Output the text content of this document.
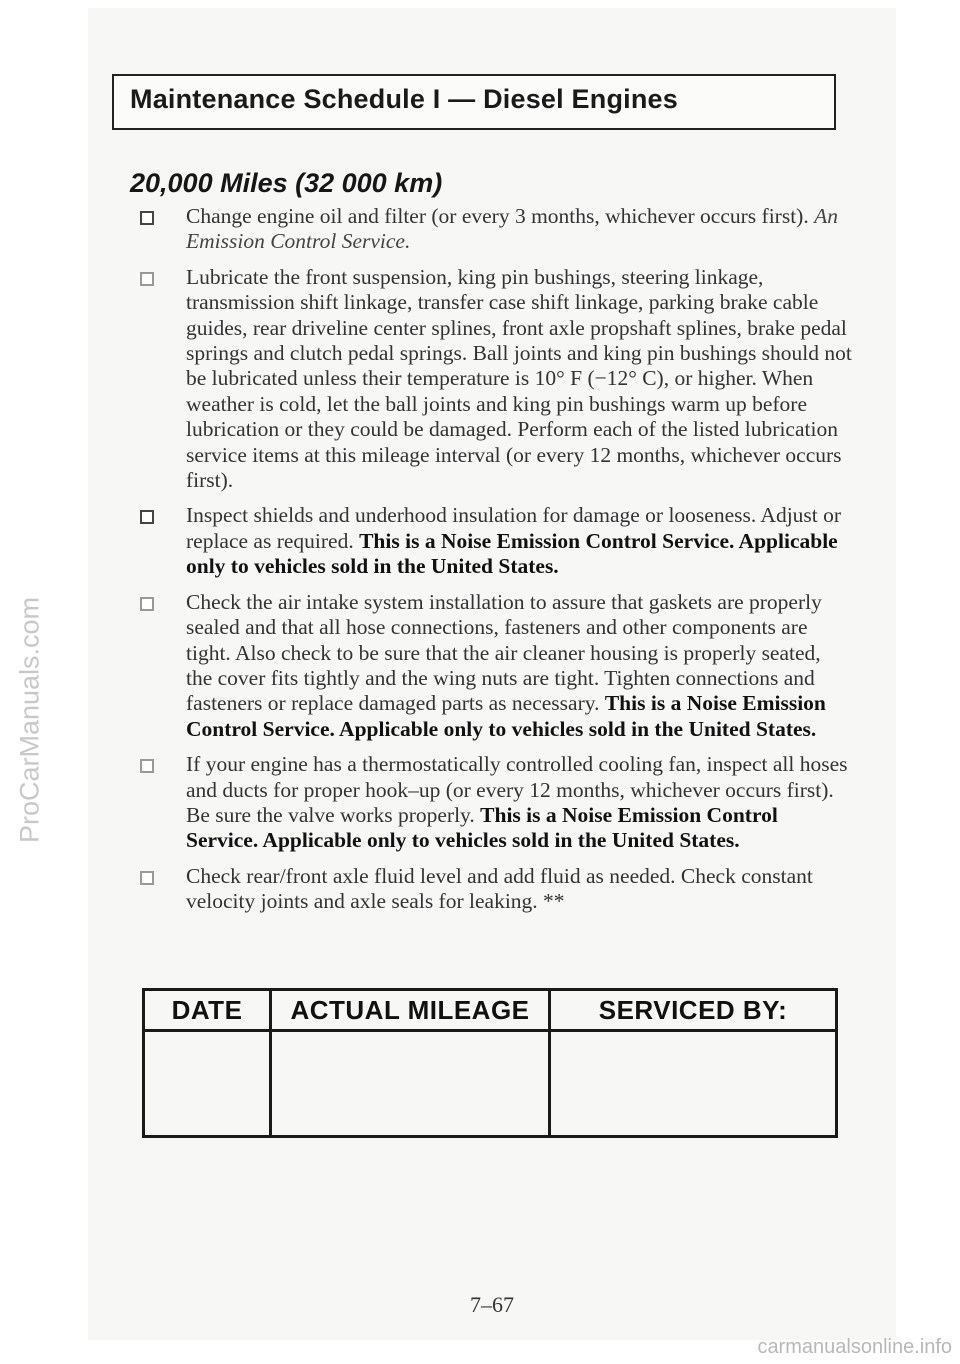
Maintenance Schedule I — Diesel Engines
20,000 Miles (32 000 km)

Change engine oil and filter (or every 3 months, whichever occurs first). An Emission Control Service.

Lubricate the front suspension, king pin bushings, steering linkage, transmission shift linkage, transfer case shift linkage, parking brake cable guides, rear driveline center splines, front axle propshaft splines, brake pedal springs and clutch pedal springs. Ball joints and king pin bushings should not be lubricated unless their temperature is 10° F (−12° C), or higher. When weather is cold, let the ball joints and king pin bushings warm up before lubrication or they could be damaged. Perform each of the listed lubrication service items at this mileage interval (or every 12 months, whichever occurs first).

Inspect shields and underhood insulation for damage or looseness. Adjust or replace as required. This is a Noise Emission Control Service. Applicable only to vehicles sold in the United States.

Check the air intake system installation to assure that gaskets are properly sealed and that all hose connections, fasteners and other components are tight. Also check to be sure that the air cleaner housing is properly seated, the cover fits tightly and the wing nuts are tight. Tighten connections and fasteners or replace damaged parts as necessary. This is a Noise Emission Control Service. Applicable only to vehicles sold in the United States.

If your engine has a thermostatically controlled cooling fan, inspect all hoses and ducts for proper hook–up (or every 12 months, whichever occurs first). Be sure the valve works properly. This is a Noise Emission Control Service. Applicable only to vehicles sold in the United States.

Check rear/front axle fluid level and add fluid as needed. Check constant velocity joints and axle seals for leaking. **

DATE	ACTUAL MILEAGE	SERVICED BY:

7–67
ProCarManuals.com
carmanualsonline.info
